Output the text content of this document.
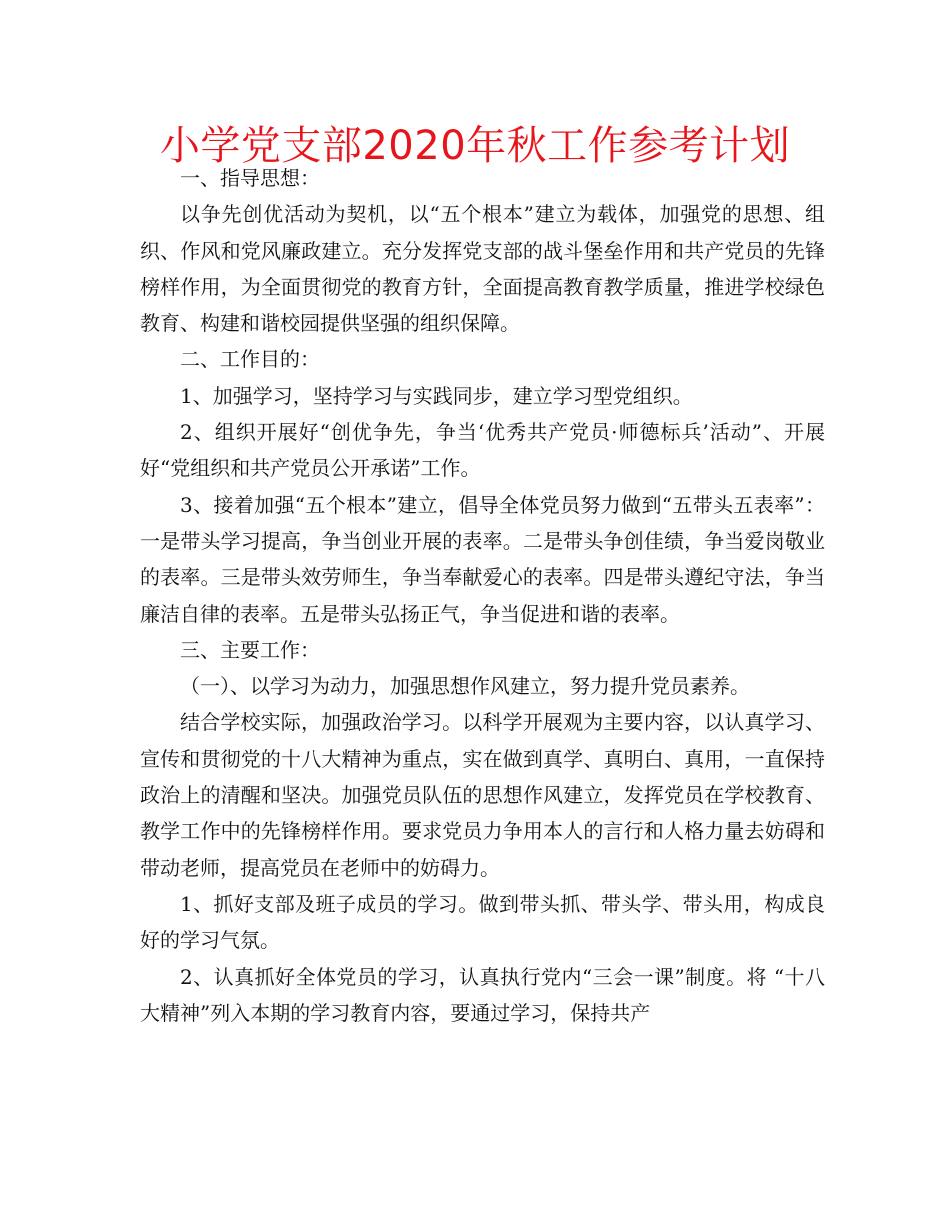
小学党支部2020年秋工作参考计划

一、指导思想：

以争先创优活动为契机，以“五个根本”建立为载体，加强党的思想、组织、作风和党风廉政建立。充分发挥党支部的战斗堡垒作用和共产党员的先锋榜样作用，为全面贯彻党的教育方针，全面提高教育教学质量，推进学校绿色教育、构建和谐校园提供坚强的组织保障。

二、工作目的：

1、加强学习，坚持学习与实践同步，建立学习型党组织。

2、组织开展好“创优争先，争当‘优秀共产党员·师德标兵’活动”、开展好“党组织和共产党员公开承诺”工作。

3、接着加强“五个根本”建立，倡导全体党员努力做到“五带头五表率”：一是带头学习提高，争当创业开展的表率。二是带头争创佳绩，争当爱岗敬业的表率。三是带头效劳师生，争当奉献爱心的表率。四是带头遵纪守法，争当廉洁自律的表率。五是带头弘扬正气，争当促进和谐的表率。

三、主要工作：

（一）、以学习为动力，加强思想作风建立，努力提升党员素养。

结合学校实际，加强政治学习。以科学开展观为主要内容，以认真学习、宣传和贯彻党的十八大精神为重点，实在做到真学、真明白、真用，一直保持政治上的清醒和坚决。加强党员队伍的思想作风建立，发挥党员在学校教育、教学工作中的先锋榜样作用。要求党员力争用本人的言行和人格力量去妨碍和带动老师，提高党员在老师中的妨碍力。

1、抓好支部及班子成员的学习。做到带头抓、带头学、带头用，构成良好的学习气氛。

2、认真抓好全体党员的学习，认真执行党内“三会一课”制度。将 “十八大精神”列入本期的学习教育内容，要通过学习，保持共产
